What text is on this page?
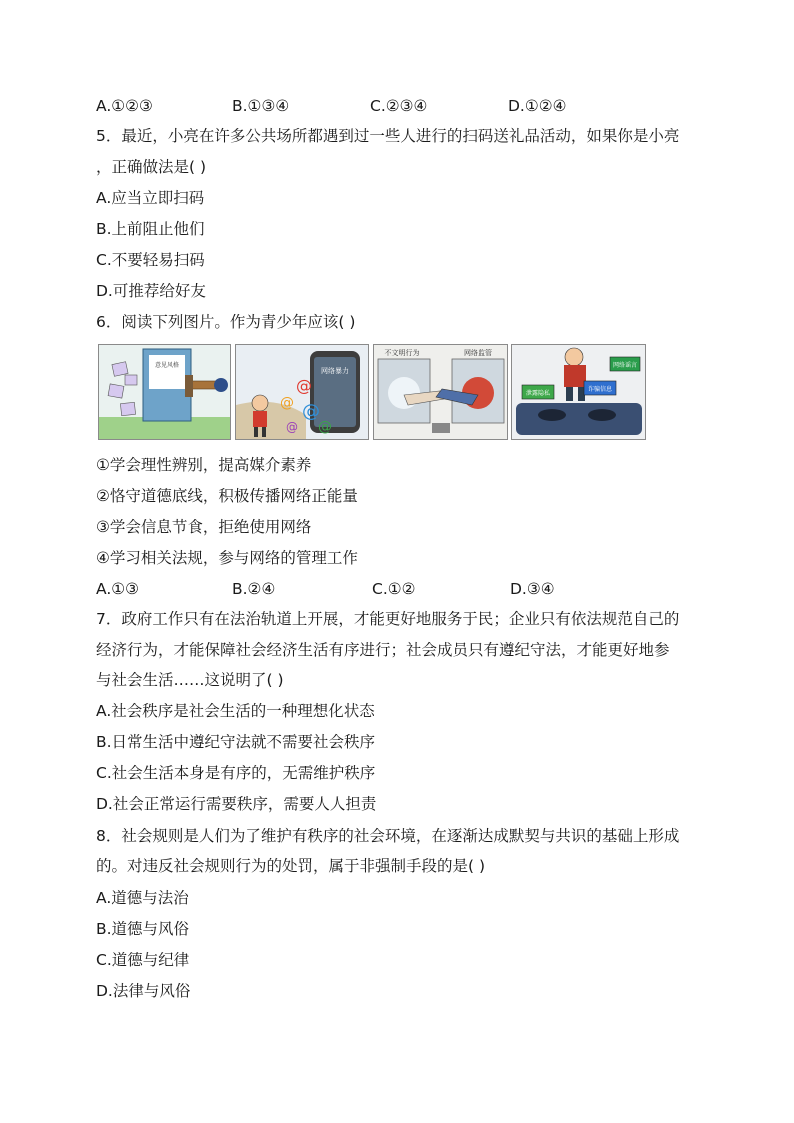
A.①②③	B.①③④	C.②③④	D.①②④
5．最近，小亮在许多公共场所都遇到过一些人进行的扫码送礼品活动，如果你是小亮
，正确做法是( )
A.应当立即扫码
B.上前阻止他们
C.不要轻易扫码
D.可推荐给好友
6．阅读下列图片。作为青少年应该( )
意见风格
网络暴力
@
@ @
@
@
不文明行为	网络监管
泄露隐私
诈骗信息
网络谣言
①学会理性辨别，提高媒介素养
②恪守道德底线，积极传播网络正能量
③学会信息节食，拒绝使用网络
④学习相关法规，参与网络的管理工作
A.①③	B.②④	C.①②	D.③④
7．政府工作只有在法治轨道上开展，才能更好地服务于民；企业只有依法规范自己的
经济行为，才能保障社会经济生活有序进行；社会成员只有遵纪守法，才能更好地参
与社会生活……这说明了( )
A.社会秩序是社会生活的一种理想化状态
B.日常生活中遵纪守法就不需要社会秩序
C.社会生活本身是有序的，无需维护秩序
D.社会正常运行需要秩序，需要人人担责
8．社会规则是人们为了维护有秩序的社会环境，在逐渐达成默契与共识的基础上形成
的。对违反社会规则行为的处罚，属于非强制手段的是( )
A.道德与法治
B.道德与风俗
C.道德与纪律
D.法律与风俗
